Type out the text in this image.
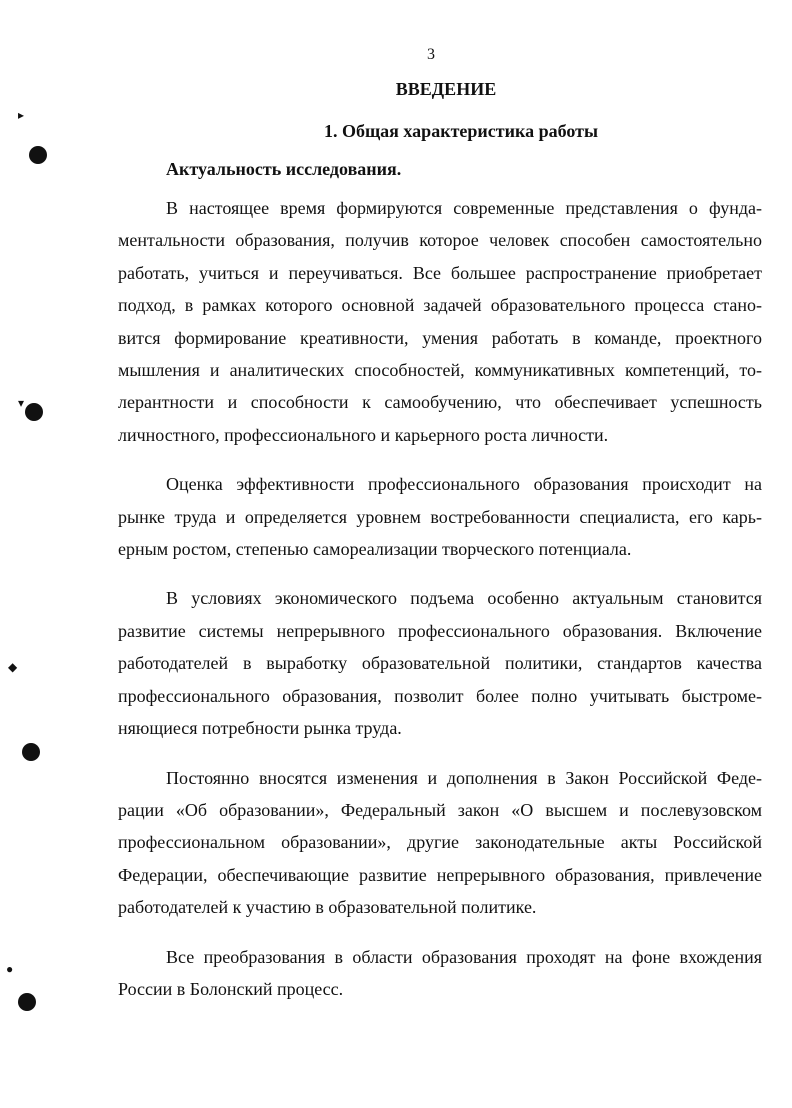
3
ВВЕДЕНИЕ
1. Общая характеристика работы
Актуальность исследования.

В настоящее время формируются современные представления о фунда-
ментальности образования, получив которое человек способен самостоятельно
работать, учиться и переучиваться. Все большее распространение приобретает
подход, в рамках которого основной задачей образовательного процесса стано-
вится формирование креативности, умения работать в команде, проектного
мышления и аналитических способностей, коммуникативных компетенций, то-
лерантности и способности к самообучению, что обеспечивает успешность
личностного, профессионального и карьерного роста личности.

Оценка эффективности профессионального образования происходит на
рынке труда и определяется уровнем востребованности специалиста, его карь-
ерным ростом, степенью самореализации творческого потенциала.

В условиях экономического подъема особенно актуальным становится
развитие системы непрерывного профессионального образования. Включение
работодателей в выработку образовательной политики, стандартов качества
профессионального образования, позволит более полно учитывать быстроме-
няющиеся потребности рынка труда.

Постоянно вносятся изменения и дополнения в Закон Российской Феде-
рации «Об образовании», Федеральный закон «О высшем и послевузовском
профессиональном образовании», другие законодательные акты Российской
Федерации, обеспечивающие развитие непрерывного образования, привлечение
работодателей к участию в образовательной политике.

Все преобразования в области образования проходят на фоне вхождения
России в Болонский процесс.

▸
▾
◆
●
